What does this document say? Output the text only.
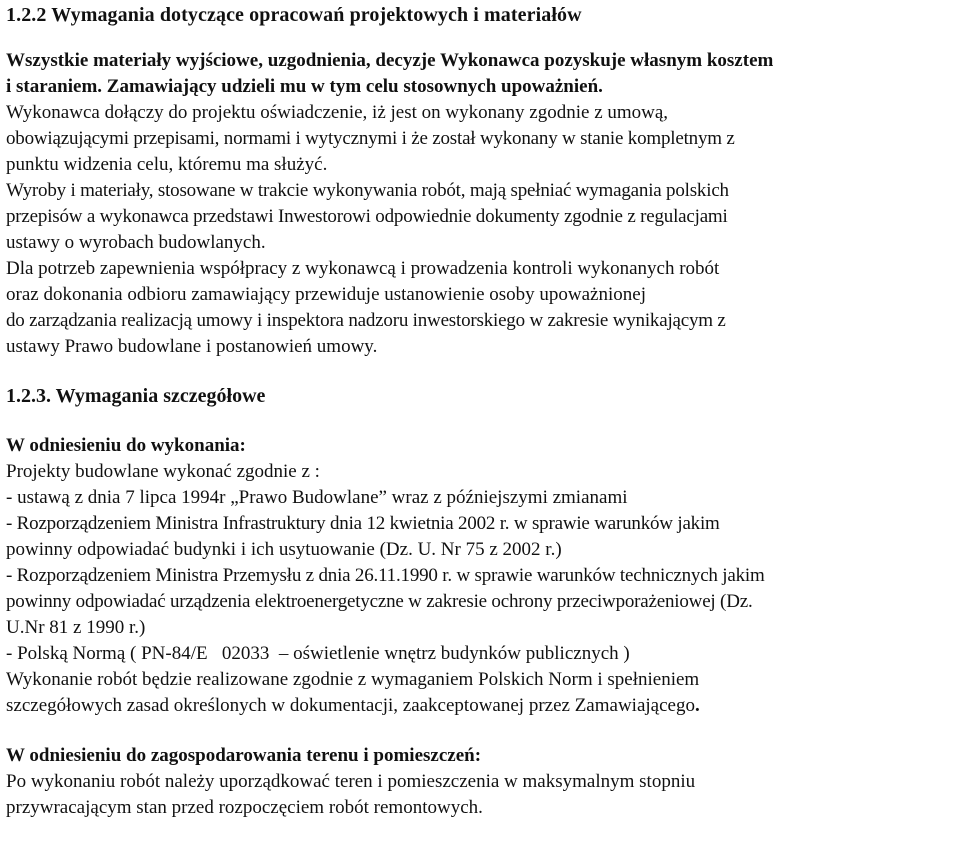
1.2.2 Wymagania dotyczące opracowań projektowych i materiałów
Wszystkie materiały wyjściowe, uzgodnienia, decyzje Wykonawca pozyskuje własnym kosztem
i staraniem. Zamawiający udzieli mu w tym celu stosownych upoważnień.
Wykonawca dołączy do projektu oświadczenie, iż jest on wykonany zgodnie z umową,
obowiązującymi przepisami, normami i wytycznymi i że został wykonany w stanie kompletnym z
punktu widzenia celu, któremu ma służyć.
Wyroby i materiały, stosowane w trakcie wykonywania robót, mają spełniać wymagania polskich
przepisów a wykonawca przedstawi Inwestorowi odpowiednie dokumenty zgodnie z regulacjami
ustawy o wyrobach budowlanych.
Dla potrzeb zapewnienia współpracy z wykonawcą i prowadzenia kontroli wykonanych robót
oraz dokonania odbioru zamawiający przewiduje ustanowienie osoby upoważnionej
do zarządzania realizacją umowy i inspektora nadzoru inwestorskiego w zakresie wynikającym z
ustawy Prawo budowlane i postanowień umowy.
1.2.3. Wymagania szczegółowe
W odniesieniu do wykonania:
Projekty budowlane wykonać zgodnie z :
- ustawą z dnia 7 lipca 1994r „Prawo Budowlane” wraz z późniejszymi zmianami
- Rozporządzeniem Ministra Infrastruktury dnia 12 kwietnia 2002 r. w sprawie warunków jakim
powinny odpowiadać budynki i ich usytuowanie (Dz. U. Nr 75 z 2002 r.)
- Rozporządzeniem Ministra Przemysłu z dnia 26.11.1990 r. w sprawie warunków technicznych jakim
powinny odpowiadać urządzenia elektroenergetyczne w zakresie ochrony przeciwporażeniowej (Dz.
U.Nr 81 z 1990 r.)
- Polską Normą ( PN-84/E   02033  – oświetlenie wnętrz budynków publicznych )
Wykonanie robót będzie realizowane zgodnie z wymaganiem Polskich Norm i spełnieniem
szczegółowych zasad określonych w dokumentacji, zaakceptowanej przez Zamawiającego.
W odniesieniu do zagospodarowania terenu i pomieszczeń:
Po wykonaniu robót należy uporządkować teren i pomieszczenia w maksymalnym stopniu
przywracającym stan przed rozpoczęciem robót remontowych.
